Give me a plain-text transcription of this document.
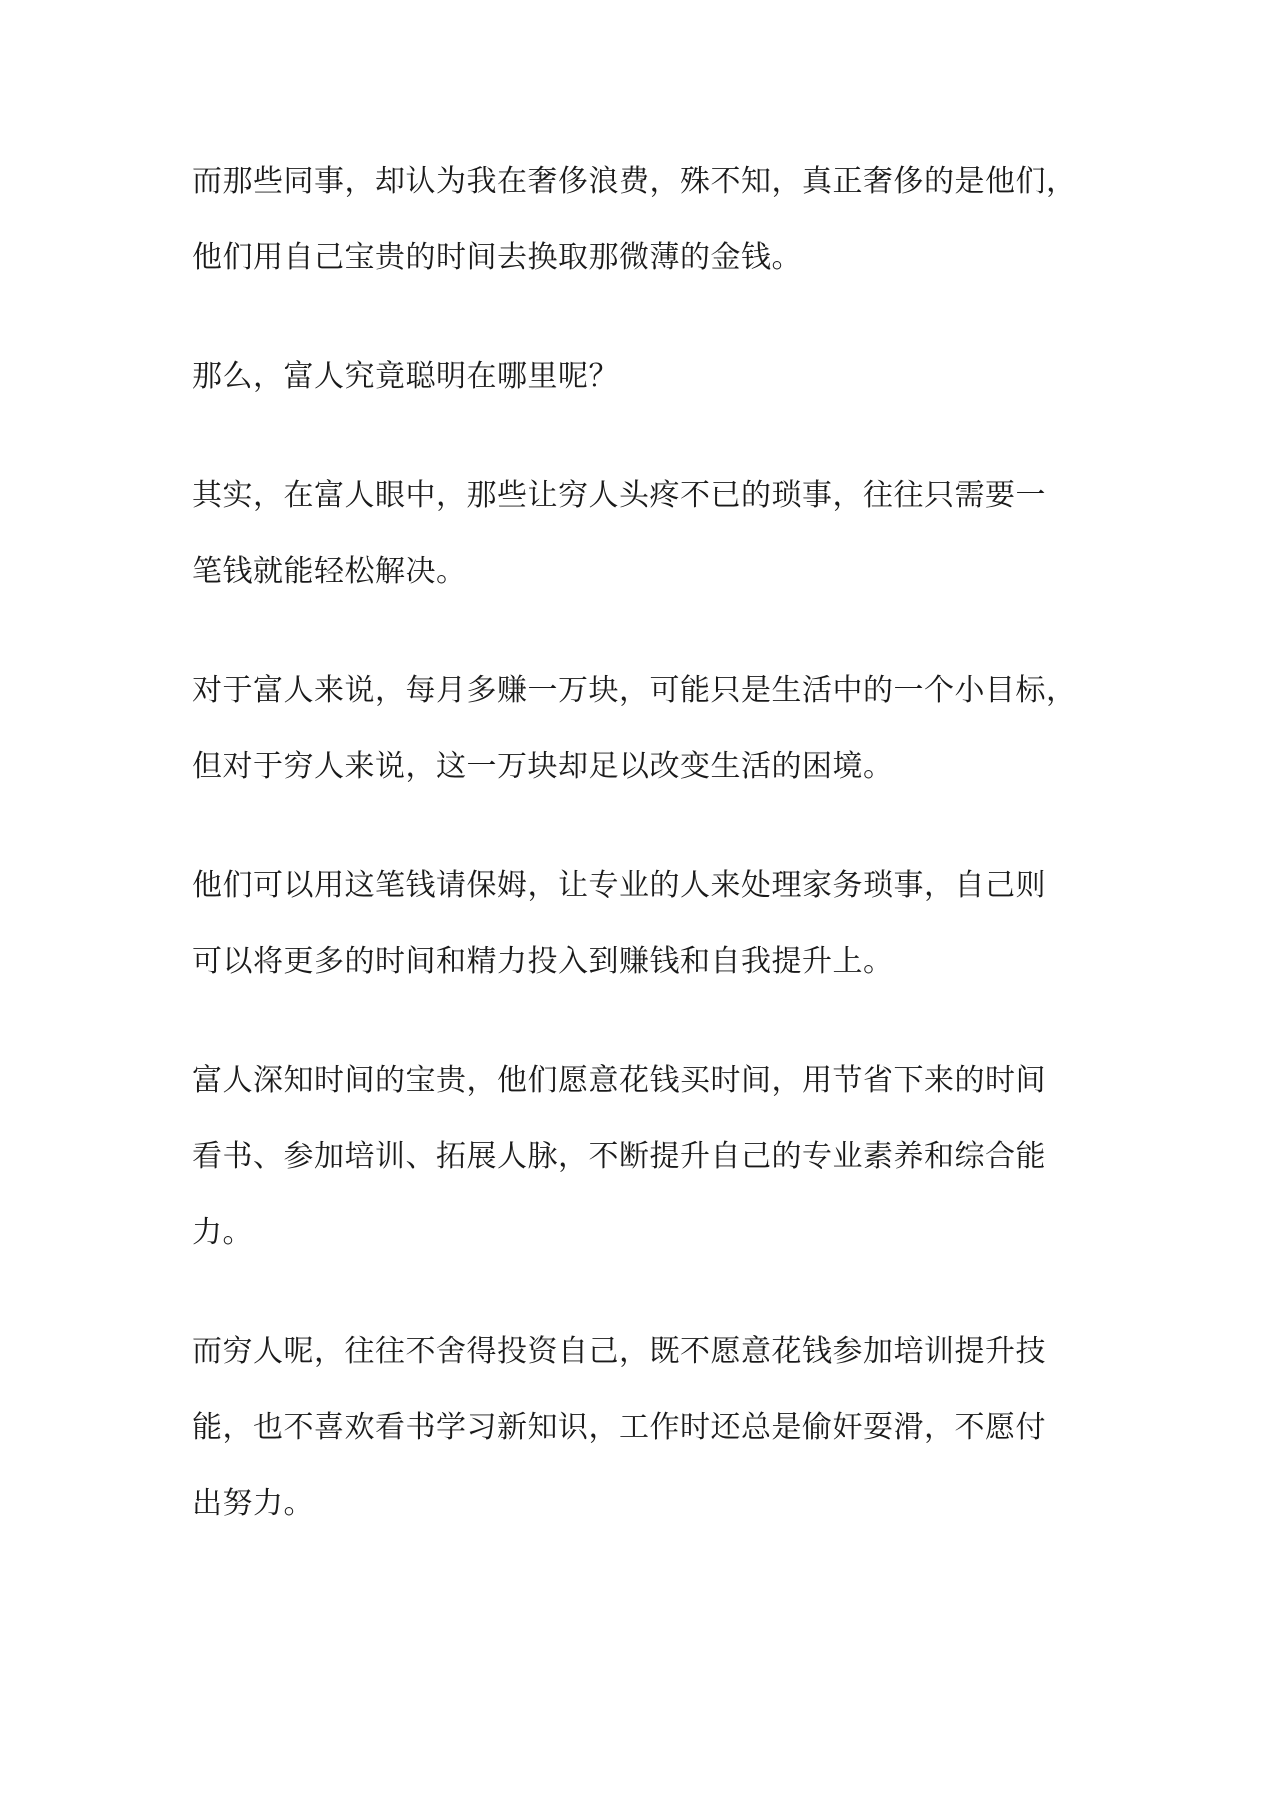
而那些同事，却认为我在奢侈浪费，殊不知，真正奢侈的是他们，
他们用自己宝贵的时间去换取那微薄的金钱。

那么，富人究竟聪明在哪里呢？

其实，在富人眼中，那些让穷人头疼不已的琐事，往往只需要一
笔钱就能轻松解决。

对于富人来说，每月多赚一万块，可能只是生活中的一个小目标，
但对于穷人来说，这一万块却足以改变生活的困境。

他们可以用这笔钱请保姆，让专业的人来处理家务琐事，自己则
可以将更多的时间和精力投入到赚钱和自我提升上。

富人深知时间的宝贵，他们愿意花钱买时间，用节省下来的时间
看书、参加培训、拓展人脉，不断提升自己的专业素养和综合能
力。

而穷人呢，往往不舍得投资自己，既不愿意花钱参加培训提升技
能，也不喜欢看书学习新知识，工作时还总是偷奸耍滑，不愿付
出努力。
